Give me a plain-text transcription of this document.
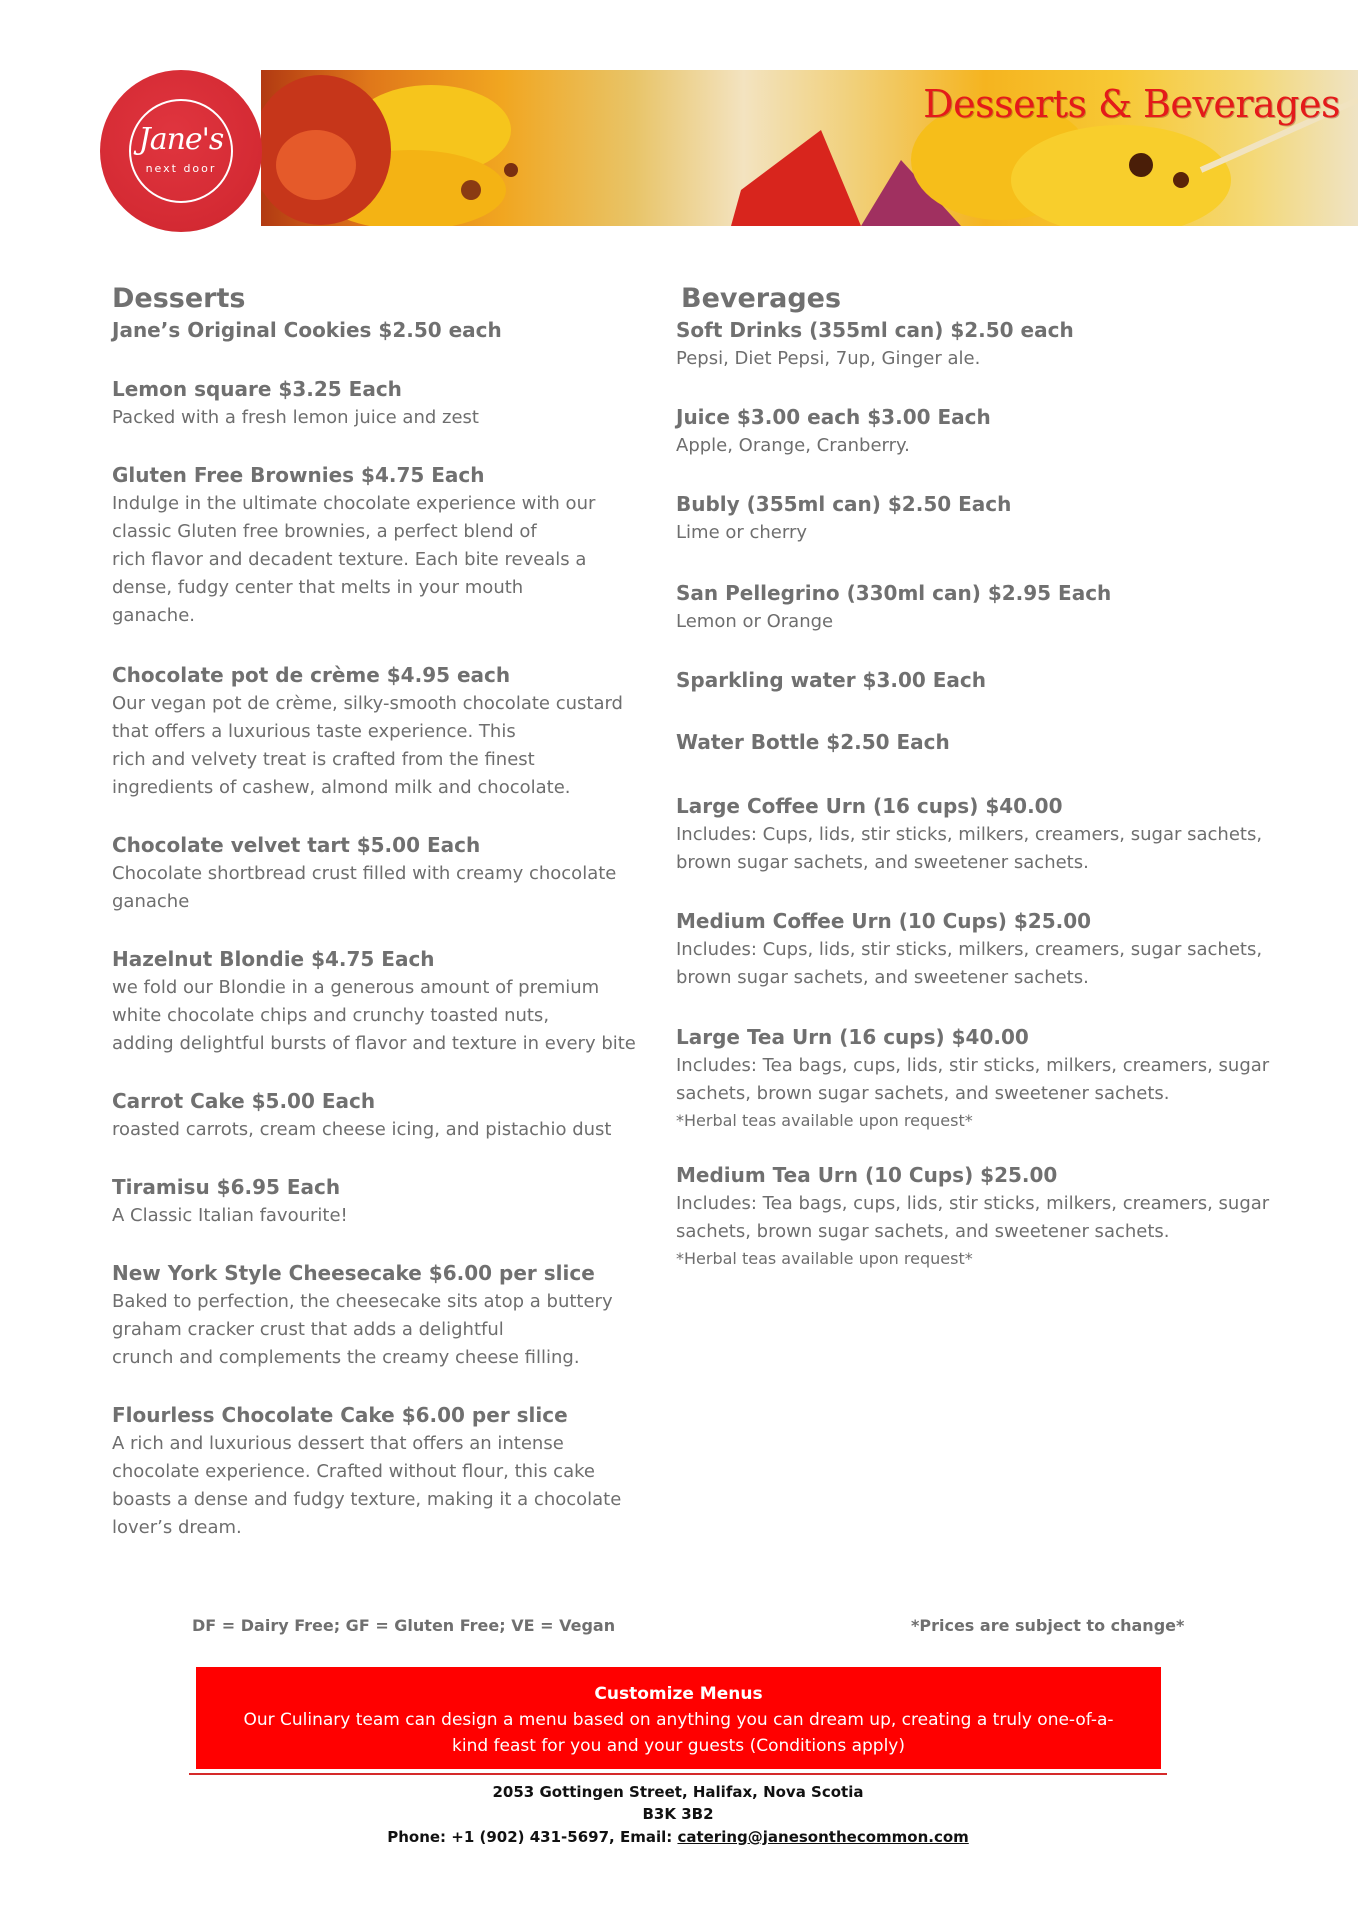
Jane's
next door
Desserts & Beverages
Desserts
Jane’s Original Cookies $2.50 each
Lemon square $3.25 Each
Packed with a fresh lemon juice and zest
Gluten Free Brownies $4.75 Each
Indulge in the ultimate chocolate experience with our
classic Gluten free brownies, a perfect blend of
rich flavor and decadent texture. Each bite reveals a
dense, fudgy center that melts in your mouth
ganache.
Chocolate pot de crème $4.95 each
Our vegan pot de crème, silky-smooth chocolate custard
that offers a luxurious taste experience. This
rich and velvety treat is crafted from the finest
ingredients of cashew, almond milk and chocolate.
Chocolate velvet tart $5.00 Each
Chocolate shortbread crust filled with creamy chocolate
ganache
Hazelnut Blondie $4.75 Each
we fold our Blondie in a generous amount of premium
white chocolate chips and crunchy toasted nuts,
adding delightful bursts of flavor and texture in every bite
Carrot Cake $5.00 Each
roasted carrots, cream cheese icing, and pistachio dust
Tiramisu $6.95 Each
A Classic Italian favourite!
New York Style Cheesecake $6.00 per slice
Baked to perfection, the cheesecake sits atop a buttery
graham cracker crust that adds a delightful
crunch and complements the creamy cheese filling.
Flourless Chocolate Cake $6.00 per slice
A rich and luxurious dessert that offers an intense
chocolate experience. Crafted without flour, this cake
boasts a dense and fudgy texture, making it a chocolate
lover’s dream.
Beverages
Soft Drinks (355ml can) $2.50 each
Pepsi, Diet Pepsi, 7up, Ginger ale.
Juice $3.00 each $3.00 Each
Apple, Orange, Cranberry.
Bubly (355ml can) $2.50 Each
Lime or cherry
San Pellegrino (330ml can) $2.95 Each
Lemon or Orange
Sparkling water $3.00 Each
Water Bottle $2.50 Each
Large Coffee Urn (16 cups) $40.00
Includes: Cups, lids, stir sticks, milkers, creamers, sugar sachets,
brown sugar sachets, and sweetener sachets.
Medium Coffee Urn (10 Cups) $25.00
Includes: Cups, lids, stir sticks, milkers, creamers, sugar sachets,
brown sugar sachets, and sweetener sachets.
Large Tea Urn (16 cups) $40.00
Includes: Tea bags, cups, lids, stir sticks, milkers, creamers, sugar
sachets, brown sugar sachets, and sweetener sachets.
*Herbal teas available upon request*
Medium Tea Urn (10 Cups) $25.00
Includes: Tea bags, cups, lids, stir sticks, milkers, creamers, sugar
sachets, brown sugar sachets, and sweetener sachets.
*Herbal teas available upon request*
DF = Dairy Free; GF = Gluten Free; VE = Vegan	*Prices are subject to change*
Customize Menus
Our Culinary team can design a menu based on anything you can dream up, creating a truly one-of-a-kind feast for you and your guests (Conditions apply)
2053 Gottingen Street, Halifax, Nova Scotia
B3K 3B2
Phone: +1 (902) 431-5697, Email: catering@janesonthecommon.com
